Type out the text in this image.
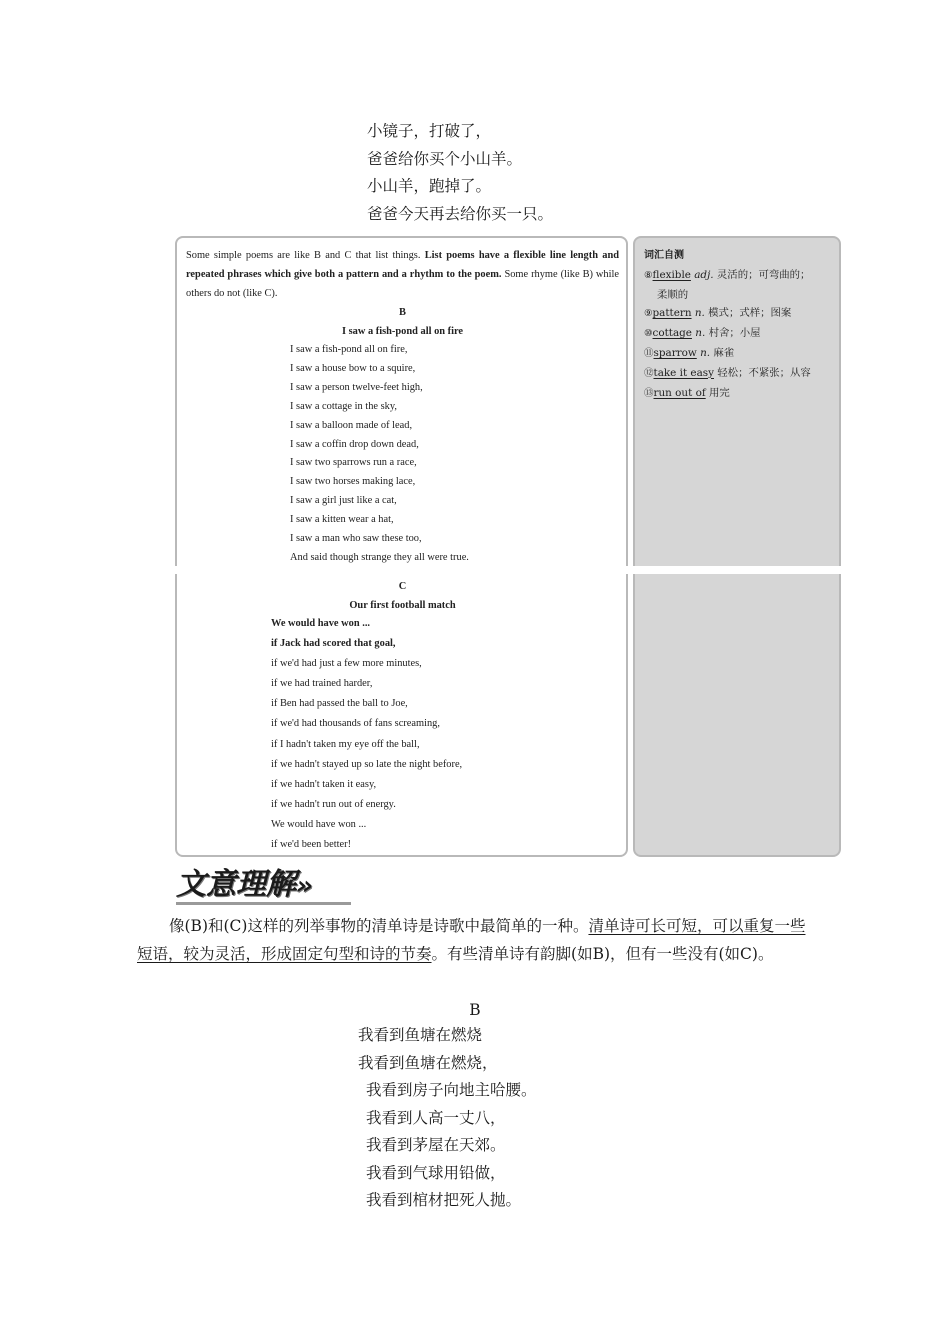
小镜子，打破了，
爸爸给你买个小山羊。
小山羊，跑掉了。
爸爸今天再去给你买一只。
Some simple poems are like B and C that list things. List poems have a flexible line length and repeated phrases which give both a pattern and a rhythm to the poem. Some rhyme (like B) while others do not (like C).
B
I saw a fish-pond all on fire
I saw a fish-pond all on fire,
I saw a house bow to a squire,
I saw a person twelve-feet high,
I saw a cottage in the sky,
I saw a balloon made of lead,
I saw a coffin drop down dead,
I saw two sparrows run a race,
I saw two horses making lace,
I saw a girl just like a cat,
I saw a kitten wear a hat,
I saw a man who saw these too,
And said though strange they all were true.
C
Our first football match
We would have won ...
if Jack had scored that goal,
if we'd had just a few more minutes,
if we had trained harder,
if Ben had passed the ball to Joe,
if we'd had thousands of fans screaming,
if I hadn't taken my eye off the ball,
if we hadn't stayed up so late the night before,
if we hadn't taken it easy,
if we hadn't run out of energy.
We would have won ...
if we'd been better!
词汇自测
⑧flexible adj. 灵活的；可弯曲的；
柔顺的
⑨pattern n. 模式；式样；图案
⑩cottage n. 村舍；小屋
⑪sparrow n. 麻雀
⑫take it easy 轻松；不紧张；从容
⑬run out of 用完
文意理解»

像(B)和(C)这样的列举事物的清单诗是诗歌中最简单的一种。清单诗可长可短，可以重复一些短语，较为灵活，形成固定句型和诗的节奏。有些清单诗有韵脚(如B)，但有一些没有(如C)。

B
我看到鱼塘在燃烧
我看到鱼塘在燃烧，
我看到房子向地主哈腰。
我看到人高一丈八，
我看到茅屋在天郊。
我看到气球用铅做，
我看到棺材把死人抛。
